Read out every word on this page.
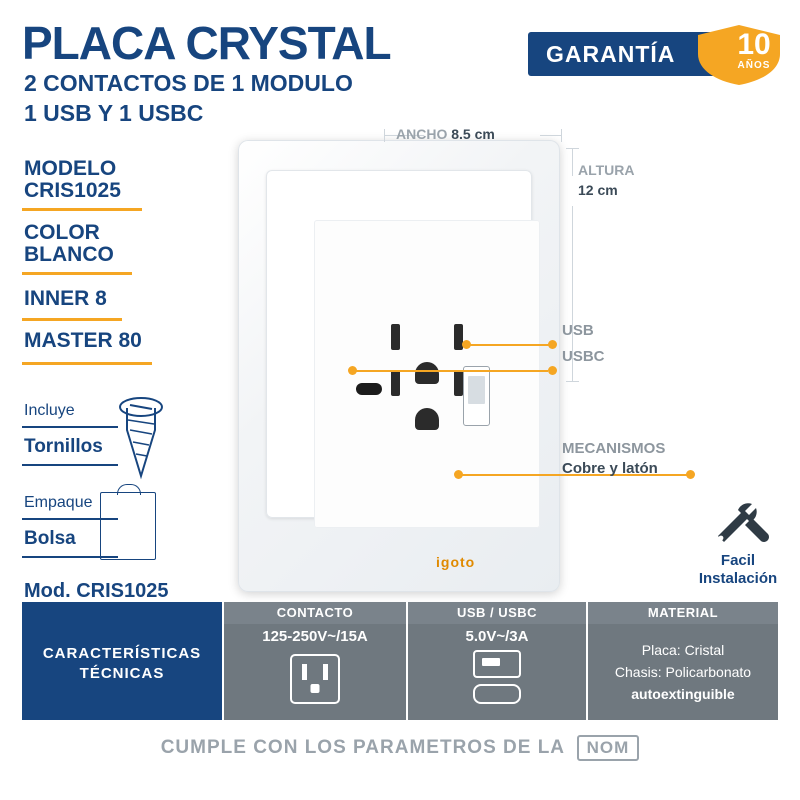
PLACA CRYSTAL
2 CONTACTOS DE 1 MODULO
1 USB Y 1 USBC
GARANTÍA	10
AÑOS
MODELO
CRIS1025
COLOR
BLANCO
INNER 8
MASTER 80
Incluye
Tornillos
Empaque
Bolsa
Mod. CRIS1025
igoto
ANCHO 8.5 cm
ALTURA
12 cm
USB
USBC
MECANISMOS
Cobre y latón
Facil
Instalación
CARACTERÍSTICAS
TÉCNICAS
CONTACTO
125-250V~/15A
USB / USBC
5.0V~/3A
MATERIAL
Placa: Cristal
Chasis: Policarbonato
autoextinguible
CUMPLE CON LOS PARAMETROS DE LA NOM
